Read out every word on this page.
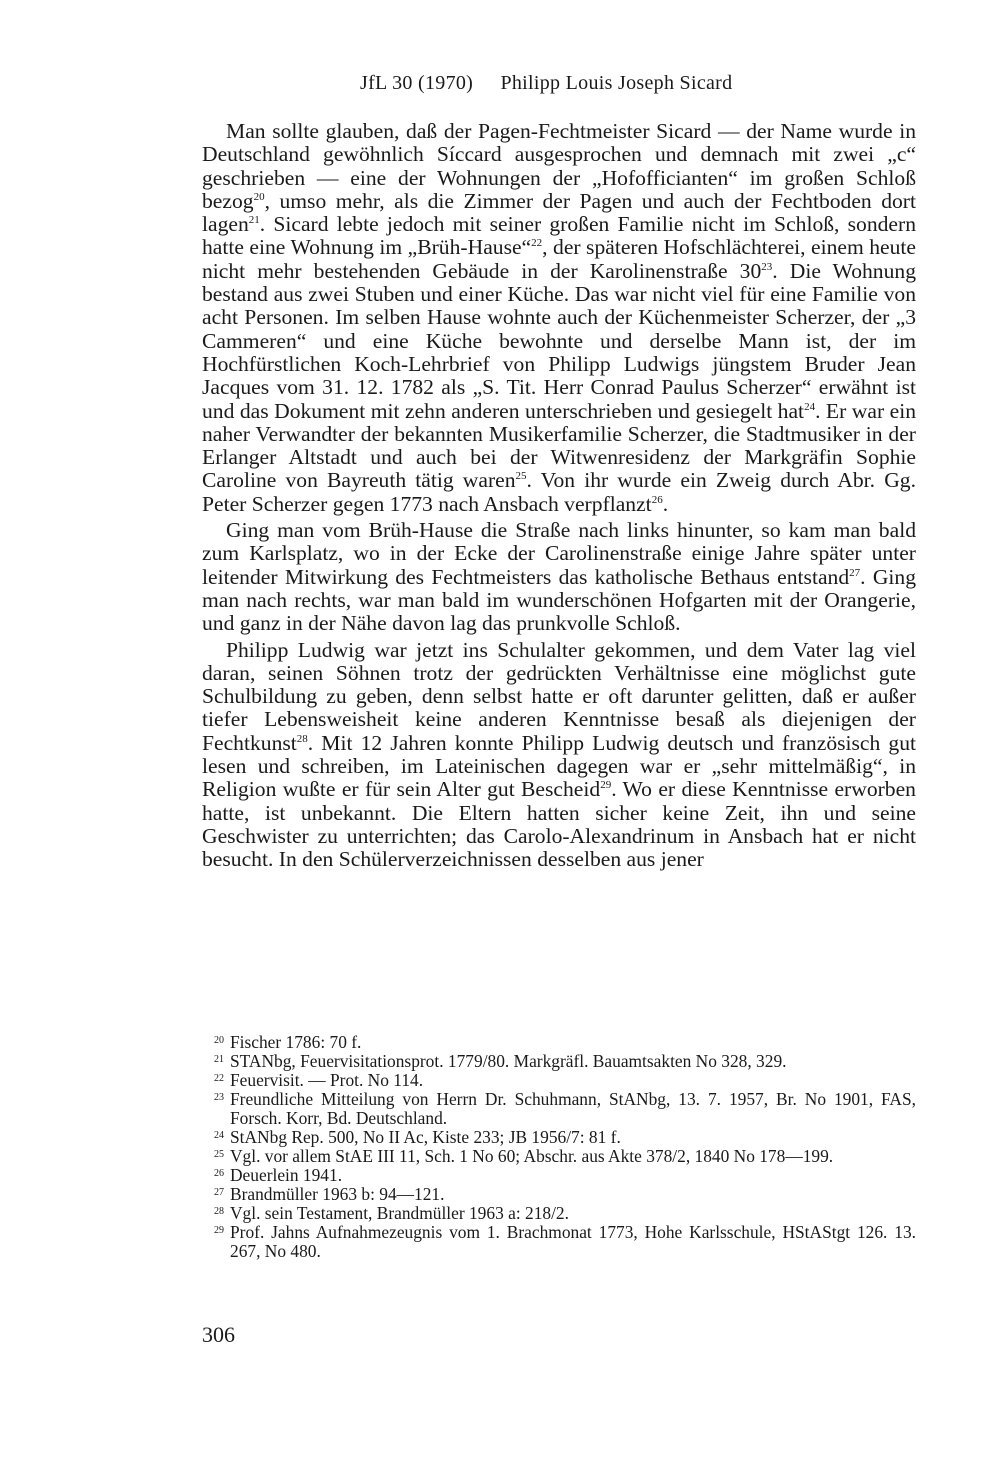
JfL 30 (1970) Philipp Louis Joseph Sicard

Man sollte glauben, daß der Pagen-Fechtmeister Sicard — der Name wurde in Deutschland gewöhnlich Síccard ausgesprochen und demnach mit zwei „c“ geschrieben — eine der Wohnungen der „Hofofficianten“ im großen Schloß bezog$^{20}$, umso mehr, als die Zimmer der Pagen und auch der Fechtboden dort lagen$^{21}$. Sicard lebte jedoch mit seiner großen Familie nicht im Schloß, sondern hatte eine Wohnung im „Brüh-Hause“$^{22}$, der späteren Hofschlächterei, einem heute nicht mehr bestehenden Gebäude in der Karolinenstraße $30^{23}$. Die Wohnung bestand aus zwei Stuben und einer Küche. Das war nicht viel für eine Familie von acht Personen. Im selben Hause wohnte auch der Küchenmeister Scherzer, der „3 Cammeren“ und eine Küche bewohnte und derselbe Mann ist, der im Hochfürstlichen Koch-Lehrbrief von Philipp Ludwigs jüngstem Bruder Jean Jacques vom 31. 12. 1782 als „S. Tit. Herr Conrad Paulus Scherzer“ erwähnt ist und das Dokument mit zehn anderen unterschrieben und gesiegelt hat$^{24}$. Er war ein naher Verwandter der bekannten Musikerfamilie Scherzer, die Stadtmusiker in der Erlanger Altstadt und auch bei der Witwenresidenz der Markgräfin Sophie Caroline von Bayreuth tätig waren$^{25}$. Von ihr wurde ein Zweig durch Abr. Gg. Peter Scherzer gegen 1773 nach Ansbach verpflanzt$^{26}$.

Ging man vom Brüh-Hause die Straße nach links hinunter, so kam man bald zum Karlsplatz, wo in der Ecke der Carolinenstraße einige Jahre später unter leitender Mitwirkung des Fechtmeisters das katholische Bethaus entstand$^{27}$. Ging man nach rechts, war man bald im wunderschönen Hofgarten mit der Orangerie, und ganz in der Nähe davon lag das prunkvolle Schloß.

Philipp Ludwig war jetzt ins Schulalter gekommen, und dem Vater lag viel daran, seinen Söhnen trotz der gedrückten Verhältnisse eine möglichst gute Schulbildung zu geben, denn selbst hatte er oft darunter gelitten, daß er außer tiefer Lebensweisheit keine anderen Kenntnisse besaß als diejenigen der Fechtkunst$^{28}$. Mit 12 Jahren konnte Philipp Ludwig deutsch und französisch gut lesen und schreiben, im Lateinischen dagegen war er „sehr mittelmäßig“, in Religion wußte er für sein Alter gut Bescheid$^{29}$. Wo er diese Kenntnisse erworben hatte, ist unbekannt. Die Eltern hatten sicher keine Zeit, ihn und seine Geschwister zu unterrichten; das Carolo-Alexandrinum in Ansbach hat er nicht besucht. In den Schülerverzeichnissen desselben aus jener

20 Fischer 1786: 70 f.
21 STANbg, Feuervisitationsprot. 1779/80. Markgräfl. Bauamtsakten No 328, 329.
22 Feuervisit. — Prot. No 114.
23 Freundliche Mitteilung von Herrn Dr. Schuhmann, StANbg, 13. 7. 1957, Br. No 1901, FAS, Forsch. Korr, Bd. Deutschland.
24 StANbg Rep. 500, No II Ac, Kiste 233; JB 1956/7: 81 f.
25 Vgl. vor allem StAE III 11, Sch. 1 No 60; Abschr. aus Akte 378/2, 1840 No 178—199.
26 Deuerlein 1941.
27 Brandmüller 1963 b: 94—121.
28 Vgl. sein Testament, Brandmüller 1963 a: 218/2.
29 Prof. Jahns Aufnahmezeugnis vom 1. Brachmonat 1773, Hohe Karlsschule, HStAStgt 126. 13. 267, No 480.
306
